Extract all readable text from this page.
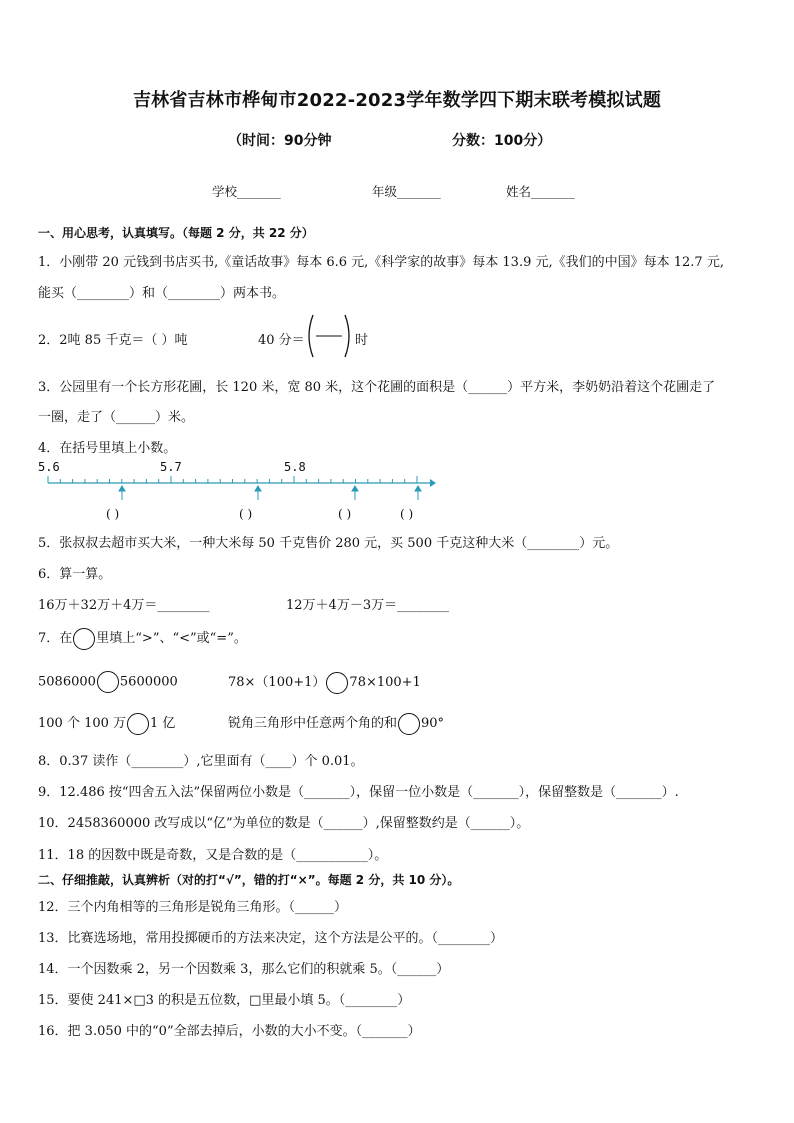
吉林省吉林市桦甸市2022-2023学年数学四下期末联考模拟试题
（时间：90分钟	分数：100分）
学校_______	年级_______	姓名_______
一、用心思考，认真填写。（每题 2 分，共 22 分）
1．小刚带 20 元钱到书店买书,《童话故事》每本 6.6 元,《科学家的故事》每本 13.9 元,《我们的中国》每本 12.7 元,
能买（________）和（________）两本书。
2．2吨 85 千克＝（ ）吨	40 分＝	时
3．公园里有一个长方形花圃，长 120 米，宽 80 米，这个花圃的面积是（______）平方米，李奶奶沿着这个花圃走了
一圈，走了（______）米。
4．在括号里填上小数。
5.6	5.7	5.8
( )	( )	( )	( )
5．张叔叔去超市买大米，一种大米每 50 千克售价 280 元，买 500 千克这种大米（________）元。
6．算一算。
16万＋32万＋4万＝________	12万＋4万－3万＝________
7．在 里填上“>”、“<”或“=”。
5086000 5600000	78×（100+1） 78×100+1
100 个 100 万 1 亿	锐角三角形中任意两个角的和 90°
8．0.37 读作（________）,它里面有（____）个 0.01。
9．12.486 按“四舍五入法”保留两位小数是（_______），保留一位小数是（_______），保留整数是（_______）.
10．2458360000 改写成以“亿”为单位的数是（______）,保留整数约是（______）。
11．18 的因数中既是奇数，又是合数的是（___________）。
二、仔细推敲，认真辨析（对的打“√”，错的打“×”。每题 2 分，共 10 分）。
12．三个内角相等的三角形是锐角三角形。（______）
13．比赛选场地，常用投掷硬币的方法来决定，这个方法是公平的。（________）
14．一个因数乘 2，另一个因数乘 3，那么它们的积就乘 5。（______）
15．要使 241×□3 的积是五位数，□里最小填 5。（________）
16．把 3.050 中的“0”全部去掉后，小数的大小不变。（_______）
